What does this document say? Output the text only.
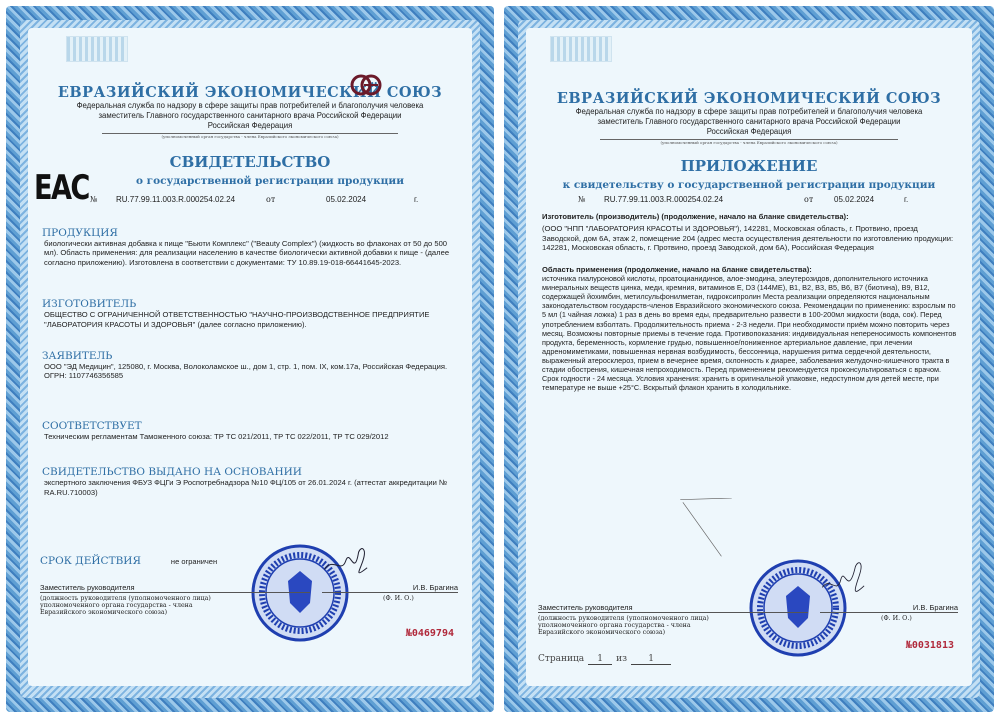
ЕВРАЗИЙСКИЙ ЭКОНОМИЧЕСКИЙ СОЮЗ
Федеральная служба по надзору в сфере защиты прав потребителей и благополучия человека
заместитель Главного государственного санитарного врача Российской Федерации
Российская Федерация
(уполномоченный орган государства - члена Евразийского экономического союза)
ЕАС
СВИДЕТЕЛЬСТВО
о государственной регистрации продукции
№	RU.77.99.11.003.R.000254.02.24	от	05.02.2024	г.
ПРОДУКЦИЯ
биологически активная добавка к пище "Бьюти Комплекс" ("Beauty Complex") (жидкость во флаконах от 50 до 500 мл). Область применения: для реализации населению в качестве биологически активной добавки к пище - (далее согласно приложению). Изготовлена в соответствии с документами: ТУ 10.89.19-018-66441645-2023.
ИЗГОТОВИТЕЛЬ
ОБЩЕСТВО С ОГРАНИЧЕННОЙ ОТВЕТСТВЕННОСТЬЮ "НАУЧНО-ПРОИЗВОДСТВЕННОЕ ПРЕДПРИЯТИЕ "ЛАБОРАТОРИЯ КРАСОТЫ И ЗДОРОВЬЯ" (далее согласно приложению).
ЗАЯВИТЕЛЬ
ООО "ЭД Медицин", 125080, г. Москва, Волоколамское ш., дом 1, стр. 1, пом. IX, ком.17а, Российская Федерация. ОГРН: 1107746356585
СООТВЕТСТВУЕТ
Техническим регламентам Таможенного союза: ТР ТС 021/2011, ТР ТС 022/2011, ТР ТС 029/2012
СВИДЕТЕЛЬСТВО ВЫДАНО НА ОСНОВАНИИ
экспертного заключения ФБУЗ ФЦГи Э Роспотребнадзора №10 ФЦ/105 от 26.01.2024 г. (аттестат аккредитации № RA.RU.710003)
СРОК ДЕЙСТВИЯ	не ограничен
Заместитель руководителя	И.В. Брагина
(должность руководителя (уполномоченного лица) уполномоченного органа государства - члена Евразийского экономического союза)
(Ф. И. О.)
№0469794
ЕВРАЗИЙСКИЙ ЭКОНОМИЧЕСКИЙ СОЮЗ
Федеральная служба по надзору в сфере защиты прав потребителей и благополучия человека
заместитель Главного государственного санитарного врача Российской Федерации
Российская Федерация
(уполномоченный орган государства - члена Евразийского экономического союза)
ПРИЛОЖЕНИЕ
к свидетельству о государственной регистрации продукции
№	RU.77.99.11.003.R.000254.02.24	от	05.02.2024	г.
Изготовитель (производитель) (продолжение, начало на бланке свидетельства):
(ООО "НПП "ЛАБОРАТОРИЯ КРАСОТЫ И ЗДОРОВЬЯ"), 142281, Московская область, г. Протвино, проезд Заводской, дом 6А, этаж 2, помещение 204 (адрес места осуществления деятельности по изготовлению продукции: 142281, Московская область, г. Протвино, проезд Заводской, дом 6А), Российская Федерация
Область применения (продолжение, начало на бланке свидетельства):
источника гиалуроновой кислоты, проатоцианидинов, алое-эмодина, элеутерозидов, дополнительного источника минеральных веществ цинка, меди, кремния, витаминов E, D3 (144МЕ), B1, B2, B3, B5, B6, B7 (биотина), B9, B12, содержащей йохимбин, метилсульфонилметан, гидроксипролин Места реализации определяются национальным законодательством государств-членов Евразийского экономического союза. Рекомендации по применению: взрослым по 5 мл (1 чайная ложка) 1 раз в день во время еды, предварительно развести в 100-200мл жидкости (вода, сок). Перед употреблением взболтать. Продолжительность приема - 2-3 недели. При необходимости приём можно повторить через месяц. Возможны повторные приемы в течение года. Противопоказания: индивидуальная непереносимость компонентов продукта, беременность, кормление грудью, повышенное/пониженное артериальное давление, при лечении адреномиметиками, повышенная нервная возбудимость, бессонница, нарушения ритма сердечной деятельности, выраженный атеросклероз, прием в вечернее время, склонность к диарее, заболевания желудочно-кишечного тракта в стадии обострения, кишечная непроходимость. Перед применением рекомендуется проконсультироваться с врачом. Срок годности - 24 месяца. Условия хранения: хранить в оригинальной упаковке, недоступном для детей месте, при температуре не выше +25°С. Вскрытый флакон хранить в холодильнике.
Заместитель руководителя	И.В. Брагина
(должность руководителя (уполномоченного лица) уполномоченного органа государства - члена Евразийского экономического союза)
(Ф. И. О.)
№0031813
Страница	1	из	1
